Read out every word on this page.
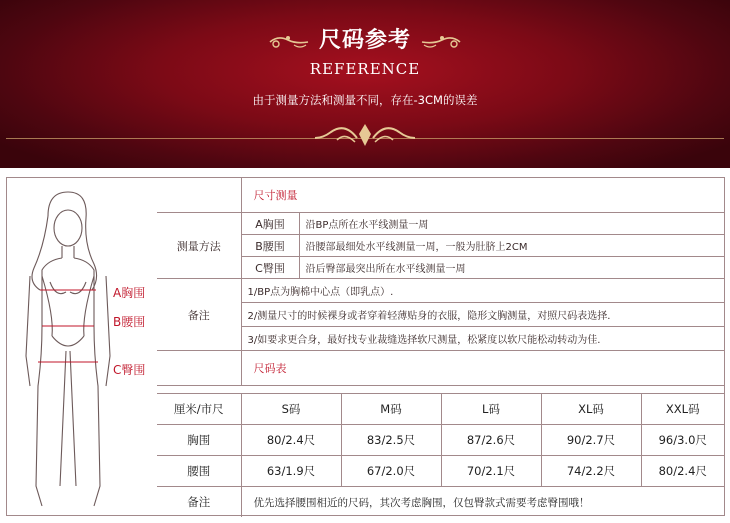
尺码参考
REFERENCE
由于测量方法和测量不同，存在-3CM的误差
A胸围
B腰围
C臀围
	尺寸测量	
测量方法	A胸围	沿BP点所在水平线测量一周
	B腰围	沿腰部最细处水平线测量一周，一般为肚脐上2CM
	C臀围	沿后臀部最突出所在水平线测量一周
备注	1/BP点为胸棉中心点（即乳点）.	
	2/测量尺寸的时候裸身或者穿着轻薄贴身的衣服，隐形文胸测量，对照尺码表选择.	
	3/如要求更合身，最好找专业裁缝选择软尺测量，松紧度以软尺能松动转动为佳.	
	尺码表	
厘米/市尺	S码	M码	L码	XL码	XXL码
胸围	80/2.4尺	83/2.5尺	87/2.6尺	90/2.7尺	96/3.0尺
腰围	63/1.9尺	67/2.0尺	70/2.1尺	74/2.2尺	80/2.4尺
备注	优先选择腰围相近的尺码，其次考虑胸围，仅包臀款式需要考虑臀围哦！				
